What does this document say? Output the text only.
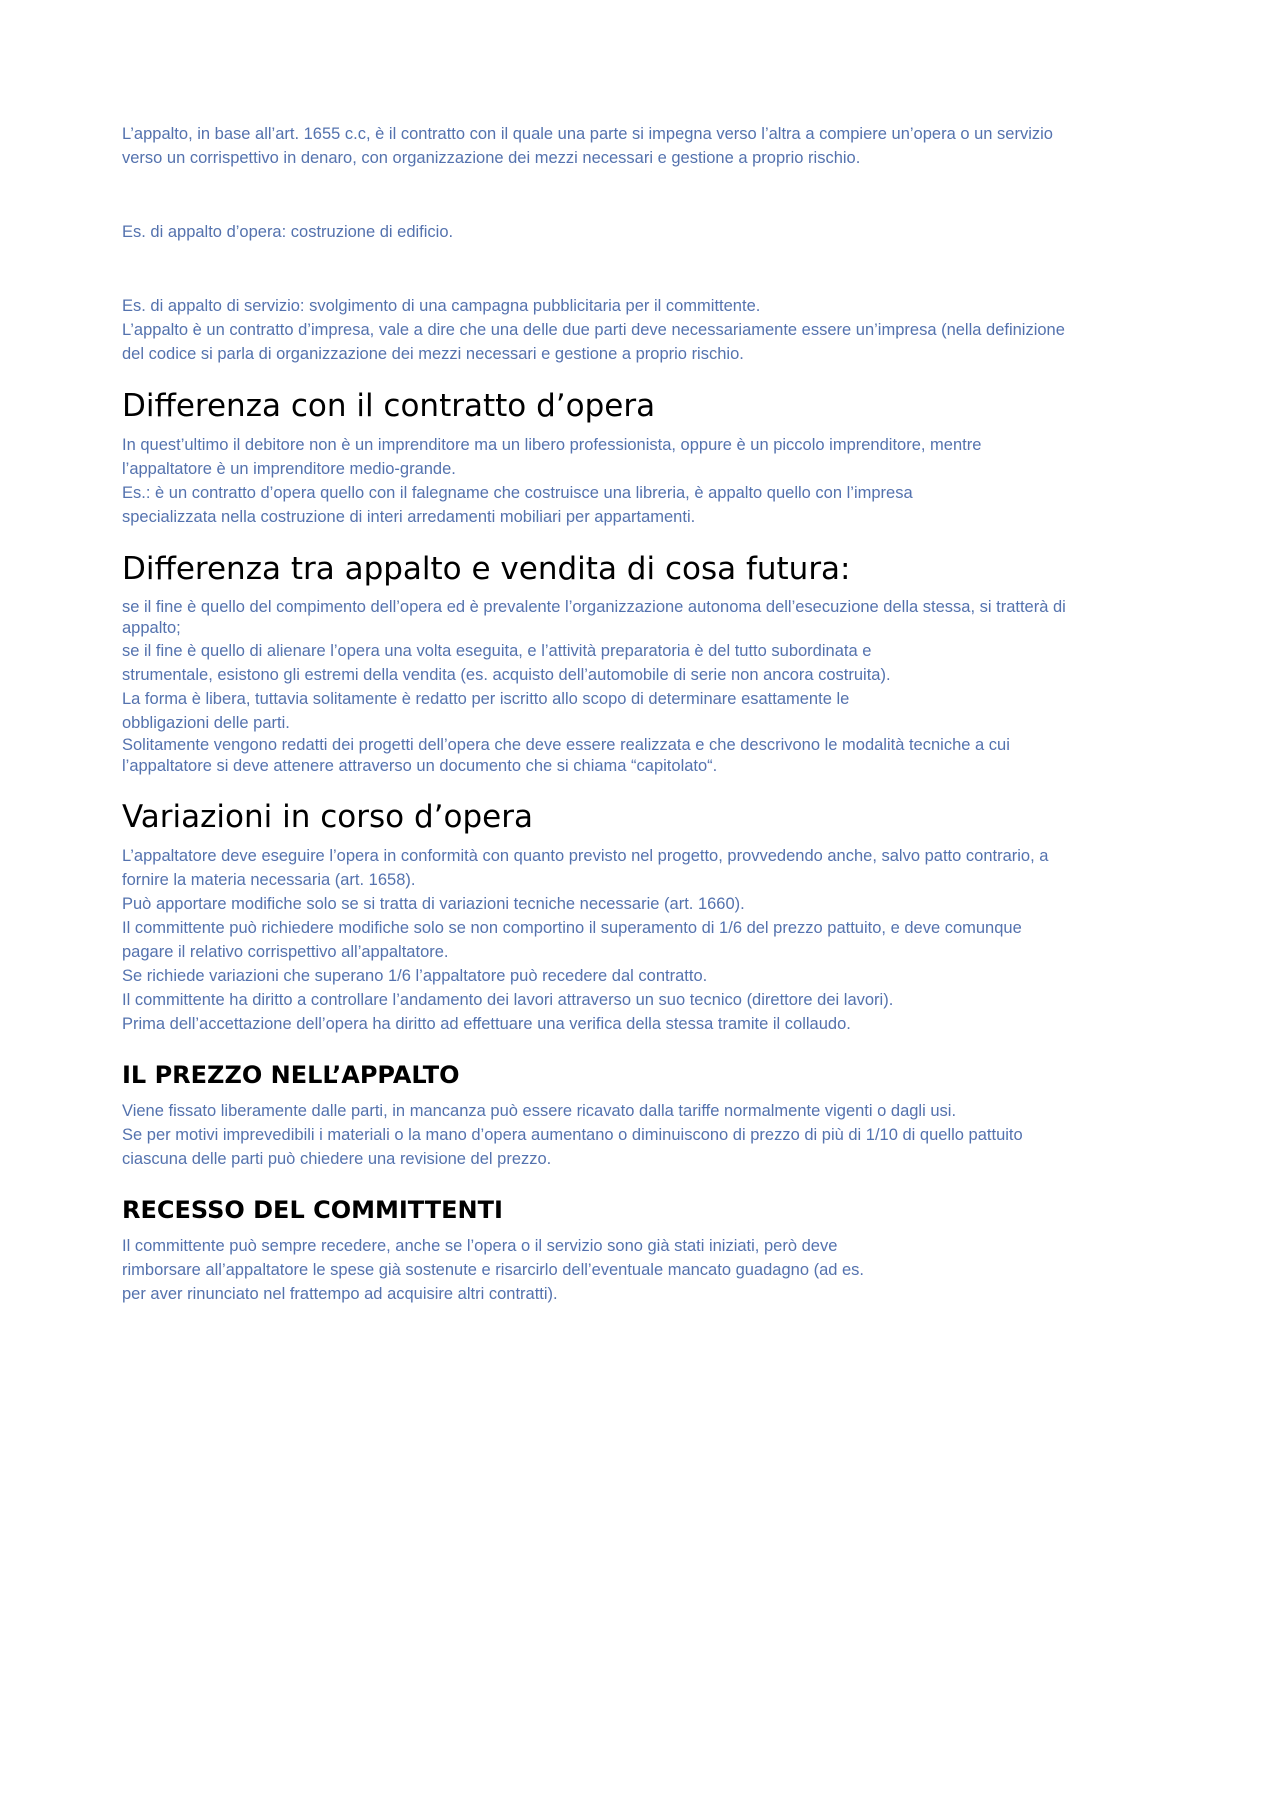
L’appalto, in base all’art. 1655 c.c, è il contratto con il quale una parte si impegna verso l’altra a compiere un’opera o un servizio

verso un corrispettivo in denaro, con organizzazione dei mezzi necessari e gestione a proprio rischio.

Es. di appalto d’opera: costruzione di edificio.

Es. di appalto di servizio: svolgimento di una campagna pubblicitaria per il committente.

L’appalto è un contratto d’impresa, vale a dire che una delle due parti deve necessariamente essere un’impresa (nella definizione

del codice si parla di organizzazione dei mezzi necessari e gestione a proprio rischio.

Differenza con il contratto d’opera

In quest’ultimo il debitore non è un imprenditore ma un libero professionista, oppure è un piccolo imprenditore, mentre

l’appaltatore è un imprenditore medio-grande.

Es.: è un contratto d’opera quello con il falegname che costruisce una libreria, è appalto quello con l’impresa

specializzata nella costruzione di interi arredamenti mobiliari per appartamenti.

Differenza tra appalto e vendita di cosa futura:

se il fine è quello del compimento dell’opera ed è prevalente l’organizzazione autonoma dell’esecuzione della stessa, si tratterà di

appalto;

se il fine è quello di alienare l’opera una volta eseguita, e l’attività preparatoria è del tutto subordinata e

strumentale, esistono gli estremi della vendita (es. acquisto dell’automobile di serie non ancora costruita).

La forma è libera, tuttavia solitamente è redatto per iscritto allo scopo di determinare esattamente le

obbligazioni delle parti.

Solitamente vengono redatti dei progetti dell’opera che deve essere realizzata e che descrivono le modalità tecniche a cui

l’appaltatore si deve attenere attraverso un documento che si chiama “capitolato“.

Variazioni in corso d’opera

L’appaltatore deve eseguire l’opera in conformità con quanto previsto nel progetto, provvedendo anche, salvo patto contrario, a

fornire la materia necessaria (art. 1658).

Può apportare modifiche solo se si tratta di variazioni tecniche necessarie (art. 1660).

Il committente può richiedere modifiche solo se non comportino il superamento di 1/6 del prezzo pattuito, e deve comunque

pagare il relativo corrispettivo all’appaltatore.

Se richiede variazioni che superano 1/6 l’appaltatore può recedere dal contratto.

Il committente ha diritto a controllare l’andamento dei lavori attraverso un suo tecnico (direttore dei lavori).

Prima dell’accettazione dell’opera ha diritto ad effettuare una verifica della stessa tramite il collaudo.

IL PREZZO NELL’APPALTO

Viene fissato liberamente dalle parti, in mancanza può essere ricavato dalla tariffe normalmente vigenti o dagli usi.

Se per motivi imprevedibili i materiali o la mano d’opera aumentano o diminuiscono di prezzo di più di 1/10 di quello pattuito

ciascuna delle parti può chiedere una revisione del prezzo.

RECESSO DEL COMMITTENTI

Il committente può sempre recedere, anche se l’opera o il servizio sono già stati iniziati, però deve

rimborsare all’appaltatore le spese già sostenute e risarcirlo dell’eventuale mancato guadagno (ad es.

per aver rinunciato nel frattempo ad acquisire altri contratti).
